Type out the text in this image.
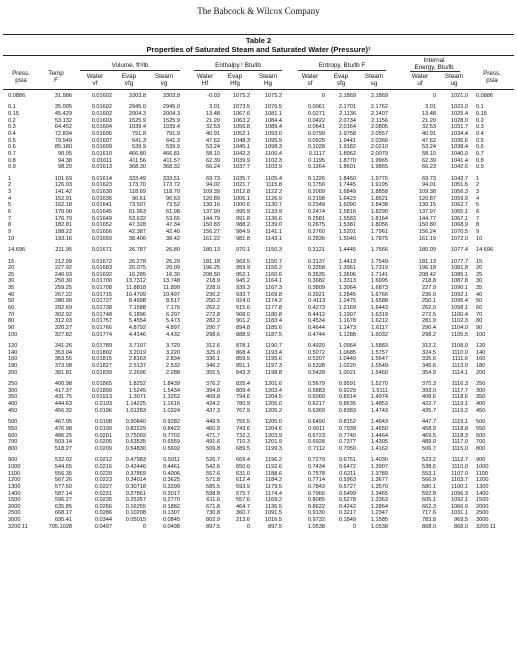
The Babcock & Wilcox Company
Table 2
Properties of Saturated Steam and Saturated Water (Pressure)¹
Press.
psia
Temp
F
Volume, ft³/lb	Enthalpy,¹ Btu/lb	Entropy, Btu/lb F
Internal
Energy, Btu/lb
Press.
psia
Water
vf
Evap
vfg
Steam
vg
Water
Hf
Evap
Hfg
Steam
Hg
Water
sf
Evap
sfg
Steam
sg
Water
uf
Steam
ug
0.0886	31.986	0.01602	3303.8	3303.8	-0.03	1075.2	1075.2	0	2.1869	2.1869	0	1021.0 0.0886
0.1	35.005	0.01602	2945.0	2945.0	3.01	1073.5	1076.5	0.0061	2.1701	2.1762	3.01	1022.0 0.1
0.15	45.429	0.01602	2004.3	2004.3	13.48	1067.6	1081.1	0.0271	2.1136	2.1407	13.48	1025.4 0.15
0.2	53.132	0.01603	1525.9	1525.9	21.20	1063.2	1084.4	0.0422	2.0734	2.1156	21.20	1028.0 0.2
0.3	64.452	0.01604	1039.4	1039.4	32.53	1056.8	1089.4	0.0641	2.0164	2.0805	32.53	1031.7 0.3
0.4	72.834	0.01606	791.8	791.9	40.91	1052.1	1093.0	0.0799	1.9758	2.0557	40.91	1034.4 0.4
0.5	79.549	0.01607	641.3	641.3	47.62	1048.3	1095.9	0.0925	1.9441	2.0366	47.62	1036.6 0.5
0.6	85.180	0.01609	539.9	539.9	53.24	1045.1	1098.3	0.1028	1.9182	2.0210	53.24	1038.4 0.6
0.7	90.05	0.01610	466.80	466.81	58.10	1042.3	1100.4	0.1117	1.8962	2.0079	58.10	1040.0 0.7
0.8	94.38	0.01611	411.56	411.57	62.39	1039.9	1102.3	0.1195	1.8770	1.9965	62.39	1041.4 0.8
0.9	98.20	0.01613	368.30	368.32	66.24	1037.7	1103.9	0.1264	1.8601	1.9865	66.23	1042.6 0.9
1	101.69	0.01614	333.49	333.51	69.73	1035.7	1105.4	0.1326	1.8450	1.9776	69.73	1043.7 1
2	126.03	0.01623	173.70	173.72	94.02	1021.7	1115.8	0.1750	1.7445	1.9195	94.01	1051.5 2
3	141.42	0.01630	118.69	118.70	109.39	1012.8	1122.2	0.2009	1.6849	1.8858	109.38	1056.3 3
4	152.91	0.01636	90.61	90.63	120.89	1006.1	1126.9	0.2198	1.6423	1.8621	120.87	1059.9 4
5	162.18	0.01641	73.507	73.52	130.16	1000.6	1130.7	0.2349	1.6090	1.8438	130.15	1062.7 5
6	170.00	0.01645	61.963	61.98	137.99	995.9	1133.9	0.2474	1.5816	1.8290	137.97	1065.1 6
7	176.79	0.01649	53.632	53.65	144.79	991.8	1136.6	0.2581	1.5583	1.8164	144.77	1067.1 7
8	182.81	0.01652	47.328	47.34	150.83	988.2	1139.0	0.2675	1.5381	1.8056	150.80	1068.9 8
9	188.22	0.01656	42.387	42.40	156.27	984.9	1141.1	0.2760	1.5201	1.7961	156.24	1070.5 9
10	193.16	0.01659	38.406	38.42	161.22	981.8	1143.1	0.2836	1.5040	1.7875	161.19	1072.0 10
14.696	211.95	0.01671	26.787	26.80	180.13	970.1	1150.3	0.3121	1.4445	1.7566	180.09	1077.4 14.696
15	212.99	0.01672	26.278	26.29	181.18	969.5	1150.7	0.3137	1.4413	1.7549	181.13	1077.7 15
20	227.92	0.01683	20.075	20.09	196.25	959.9	1156.2	0.3358	1.3961	1.7319	196.18	1081.8 20
25	240.03	0.01692	16.285	16.30	208.50	952.1	1160.6	0.3535	1.3606	1.7141	208.42	1085.1 25
30	250.30	0.01700	13.7312	13.748	218.9	945.2	1164.1	0.3682	1.3313	1.6995	218.8	1087.8 30
35	259.25	0.01708	11.8818	11.899	228.0	939.3	1167.3	0.3809	1.3064	1.6873	227.9	1090.1 35
40	267.22	0.01715	10.4799	10.497	236.2	933.7	1169.8	0.3921	1.2845	1.6766	236.0	1092.1 40
50	280.99	0.01727	8.4998	8.517	250.2	924.0	1174.2	0.4113	1.2475	1.6588	250.1	1095.4 50
60	292.69	0.01738	7.1588	7.176	262.2	915.6	1177.8	0.4273	1.2169	1.6443	262.0	1098.1 60
70	302.92	0.01748	6.1896	6.207	272.8	908.0	1180.8	0.4412	1.1907	1.6319	272.5	1100.4 70
80	312.03	0.01757	5.4554	5.473	282.2	901.2	1183.4	0.4534	1.1678	1.6212	281.9	1102.3 80
90	320.27	0.01766	4.8792	4.897	290.7	894.8	1185.6	0.4644	1.1473	1.6117	290.4	1104.0 90
100	327.82	0.01774	4.4146	4.432	298.6	888.9	1187.5	0.4744	1.1288	1.6032	298.2	1105.5 100
120	341.26	0.01789	3.7107	3.729	312.6	878.1	1190.7	0.4920	1.0964	1.5883	312.2	1108.0 120
140	353.04	0.01802	3.2019	3.220	325.0	868.4	1193.4	0.5072	1.0685	1.5757	324.5	1110.0 140
160	363.55	0.01815	2.8163	2.834	336.1	859.5	1195.6	0.5207	1.0440	1.5647	335.6	1111.6 160
180	373.08	0.01827	2.5137	2.532	346.2	851.1	1197.3	0.5328	1.0220	1.5549	345.6	1113.0 180
200	381.81	0.01839	2.2696	2.288	355.5	843.3	1198.8	0.5439	1.0021	1.5460	354.9	1114.1 200
250	400.98	0.01865	1.8252	1.8439	376.2	825.4	1201.6	0.5679	0.9591	1.5270	375.3	1116.3 250
300	417.37	0.01890	1.5245	1.5434	394.0	809.4	1203.4	0.5883	0.9229	1.5111	393.0	1117.7 300
350	431.75	0.01913	1.3071	1.3262	409.8	794.6	1204.5	0.6060	0.8914	1.4974	408.6	1118.6 350
400	444.63	0.0193	1.14225	1.1616	424.2	780.9	1205.0	0.6217	0.8635	1.4853	422.7	1119.1 400
450	456.32	0.0196	1.01283	1.0324	437.3	767.9	1205.2	0.6360	0.8383	1.4743	435.7	1119.2 450
500	467.05	0.0198	0.90840	0.9282	449.5	755.5	1205.0	0.6490	0.8152	1.4643	447.7	1119.1 500
550	476.98	0.0199	0.82229	0.8422	460.9	743.6	1204.6	0.6611	0.7939	1.4550	458.9	1118.8 550
600	486.25	0.0201	0.75002	0.7702	471.7	732.2	1203.9	0.6723	0.7740	1.4464	469.5	1118.3 600
700	503.14	0.0205	0.63535	0.6559	491.6	710.3	1201.9	0.6928	0.7377	1.4305	489.0	1117.0 700
800	518.27	0.0209	0.54830	0.5692	509.8	689.5	1199.3	0.7112	0.7050	1.4162	506.7	1115.0 800
900	532.02	0.0212	0.47983	0.5011	526.7	669.4	1196.2	0.7279	0.6751	1.4030	523.2	1112.7 900
1000	544.65	0.0216	0.42446	0.4461	542.6	650.0	1192.6	0.7434	0.6472	1.3907	538.6	1110.0 1000
1100	556.35	0.0220	0.37869	0.4006	557.6	631.0	1188.6	0.7578	0.6211	1.3789	553.1	1107.0 1100
1200	567.26	0.0223	0.34014	0.3625	571.8	612.4	1184.2	0.7714	0.5963	1.3677	566.9	1103.7 1200
1300	577.50	0.0227	0.30718	0.3299	585.5	593.9	1179.5	0.7843	0.5727	1.3570	580.1	1100.1 1300
1400	587.14	0.0231	0.27861	0.3017	598.8	575.7	1174.4	0.7966	0.5499	1.3465	592.8	1096.3 1400
1500	596.27	0.0235	0.25357	0.2770	611.6	557.6	1169.2	0.8085	0.5278	1.3363	605.1	1092.1 1500
2000	635.85	0.0256	0.16255	0.1882	671.8	464.7	1136.5	0.8622	0.4242	1.2864	662.3	1066.9 2000
2500	668.17	0.0286	0.10208	0.1307	730.8	360.7	1091.5	0.9130	0.3217	1.2347	717.6	1031.1 2500
3000	695.41	0.0344	0.05015	0.0845	802.9	213.6	1016.5	0.9732	0.1849	1.1585	783.8	969.5 3000
3200.11	705.1028	0.0497	0	0.0498	897.5	0	897.5	1.0538	0	1.0538	868.0	868.0 3200.11
